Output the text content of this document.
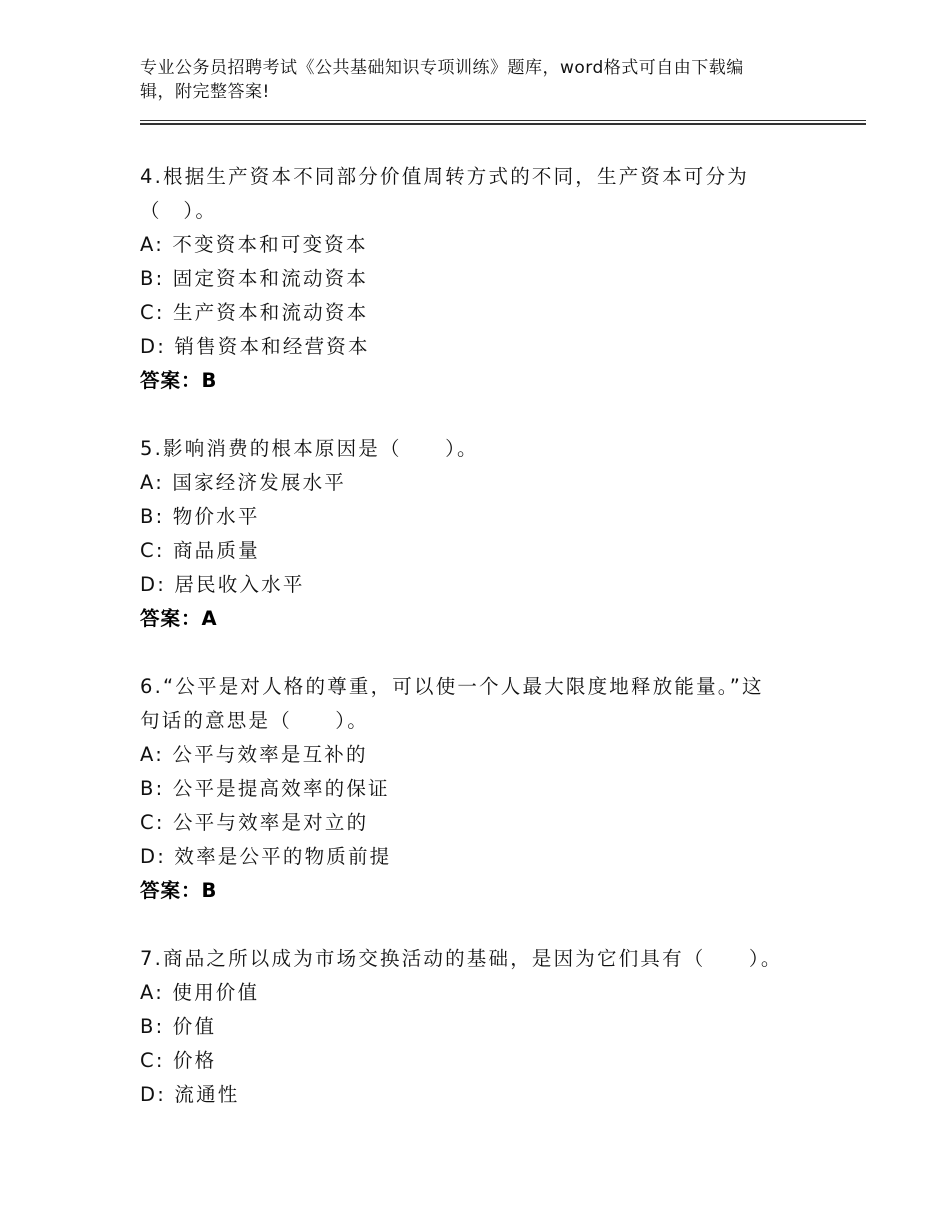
专业公务员招聘考试《公共基础知识专项训练》题库，word格式可自由下载编
辑，附完整答案!

4.根据生产资本不同部分价值周转方式的不同，生产资本可分为

（　）。

A: 不变资本和可变资本

B: 固定资本和流动资本

C: 生产资本和流动资本

D: 销售资本和经营资本

答案：B

5.影响消费的根本原因是（　　）。

A: 国家经济发展水平

B: 物价水平

C: 商品质量

D: 居民收入水平

答案：A

6.“公平是对人格的尊重，可以使一个人最大限度地释放能量。”这

句话的意思是（　　）。

A: 公平与效率是互补的

B: 公平是提高效率的保证

C: 公平与效率是对立的

D: 效率是公平的物质前提

答案：B

7.商品之所以成为市场交换活动的基础，是因为它们具有（　　）。

A: 使用价值

B: 价值

C: 价格

D: 流通性
